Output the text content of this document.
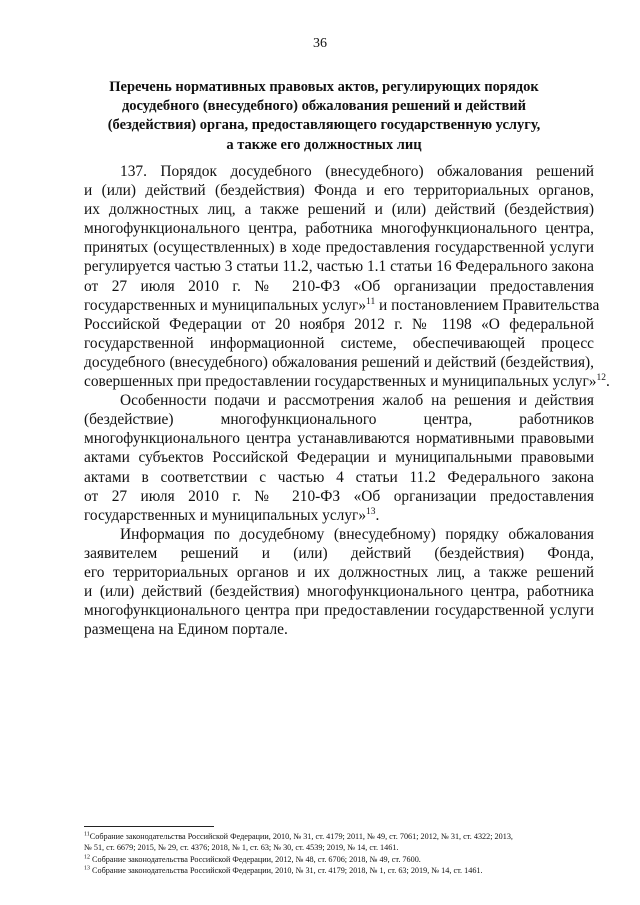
36
Перечень нормативных правовых актов, регулирующих порядок
досудебного (внесудебного) обжалования решений и действий
(бездействия) органа, предоставляющего государственную услугу,
а также его должностных лиц

137. Порядок досудебного (внесудебного) обжалования решений
и (или) действий (бездействия) Фонда и его территориальных органов,
их должностных лиц, а также решений и (или) действий (бездействия)
многофункционального центра, работника многофункционального центра,
принятых (осуществленных) в ходе предоставления государственной услуги
регулируется частью 3 статьи 11.2, частью 1.1 статьи 16 Федерального закона
от 27 июля 2010 г. № 210-ФЗ «Об организации предоставления
государственных и муниципальных услуг»$^{11}$ и постановлением Правительства
Российской Федерации от 20 ноября 2012 г. № 1198 «О федеральной
государственной информационной системе, обеспечивающей процесс
досудебного (внесудебного) обжалования решений и действий (бездействия),
совершенных при предоставлении государственных и муниципальных услуг»$^{12}$.

Особенности подачи и рассмотрения жалоб на решения и действия
(бездействие) многофункционального центра, работников
многофункционального центра устанавливаются нормативными правовыми
актами субъектов Российской Федерации и муниципальными правовыми
актами в соответствии с частью 4 статьи 11.2 Федерального закона
от 27 июля 2010 г. № 210-ФЗ «Об организации предоставления
государственных и муниципальных услуг»$^{13}$.

Информация по досудебному (внесудебному) порядку обжалования
заявителем решений и (или) действий (бездействия) Фонда,
его территориальных органов и их должностных лиц, а также решений
и (или) действий (бездействия) многофункционального центра, работника
многофункционального центра при предоставлении государственной услуги
размещена на Едином портале.

$^{11}$Собрание законодательства Российской Федерации, 2010, № 31, ст. 4179; 2011, № 49, ст. 7061; 2012, № 31, ст. 4322; 2013,
№ 51, ст. 6679; 2015, № 29, ст. 4376; 2018, № 1, ст. 63; № 30, ст. 4539; 2019, № 14, ст. 1461.
$^{12}$ Собрание законодательства Российской Федерации, 2012, № 48, ст. 6706; 2018, № 49, ст. 7600.
$^{13}$ Собрание законодательства Российской Федерации, 2010, № 31, ст. 4179; 2018, № 1, ст. 63; 2019, № 14, ст. 1461.
